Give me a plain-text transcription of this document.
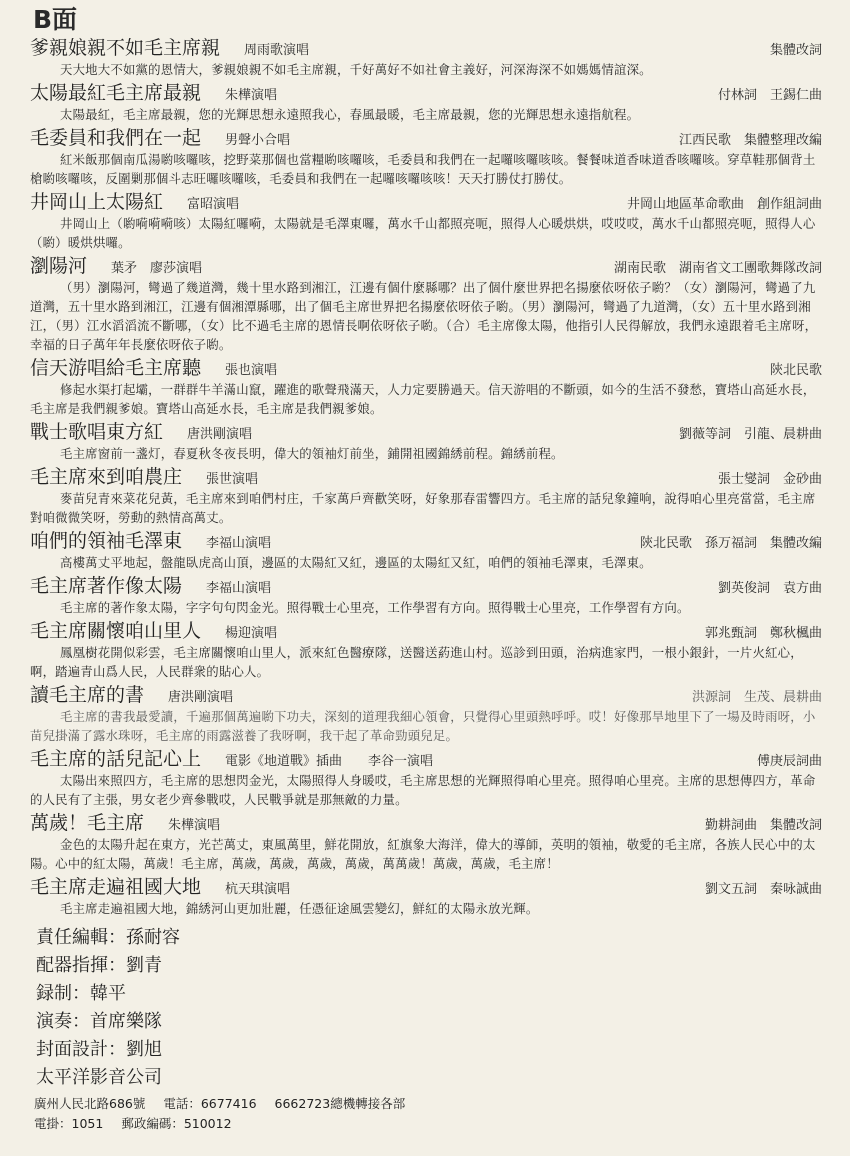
B面
爹親娘親不如毛主席親 周雨歌演唱	集體改詞
天大地大不如黨的恩情大，爹親娘親不如毛主席親，千好萬好不如社會主義好，河深海深不如媽媽情誼深。
太陽最紅毛主席最親 朱樺演唱	付林詞　王錫仁曲
太陽最紅，毛主席最親，您的光輝思想永遠照我心，春風最暖，毛主席最親，您的光輝思想永遠指航程。
毛委員和我們在一起 男聲小合唱	江西民歌　集體整理改編
紅米飯那個南瓜湯喲咳囉咳，挖野菜那個也當糧喲咳囉咳，毛委員和我們在一起囉咳囉咳咳。餐餐味道香味道香咳囉咳。穿草鞋那個背土槍喲咳囉咳，反圍剿那個斗志旺囉咳囉咳，毛委員和我們在一起囉咳囉咳咳！天天打勝仗打勝仗。
井岡山上太陽紅 富昭演唱	井岡山地區革命歌曲　創作組詞曲
井岡山上（喲嗬嗬嗬咳）太陽紅囉嗬，太陽就是毛澤東囉，萬水千山都照亮呃，照得人心暖烘烘，哎哎哎，萬水千山都照亮呃，照得人心（喲）暖烘烘囉。
瀏陽河 葉矛　廖莎演唱	湖南民歌　湖南省文工團歌舞隊改詞
（男）瀏陽河，彎過了幾道灣，幾十里水路到湘江，江邊有個什麼縣哪？出了個什麼世界把名揚麼依呀依子喲？（女）瀏陽河，彎過了九道灣，五十里水路到湘江，江邊有個湘潭縣哪，出了個毛主席世界把名揚麼依呀依子喲。（男）瀏陽河，彎過了九道灣，（女）五十里水路到湘江，（男）江水滔滔流不斷哪，（女）比不過毛主席的恩情長啊依呀依子喲。（合）毛主席像太陽，他指引人民得解放，我們永遠跟着毛主席呀，幸福的日子萬年年長麼依呀依子喲。
信天游唱給毛主席聽 張也演唱	陝北民歌
修起水渠打起壩，一群群牛羊滿山竄，躍進的歌聲飛滿天，人力定要勝過天。信天游唱的不斷頭，如今的生活不發愁，寶塔山高延水長，毛主席是我們親爹娘。寶塔山高延水長，毛主席是我們親爹娘。
戰士歌唱東方紅 唐洪剛演唱	劉薇等詞　引龍、晨耕曲
毛主席窗前一盞灯，春夏秋冬夜長明，偉大的領袖灯前坐，鋪開祖國錦綉前程。錦綉前程。
毛主席來到咱農庄 張世演唱	張士燮詞　金砂曲
麥苗兒青來菜花兒黃，毛主席來到咱們村庄，千家萬戶齊歡笑呀，好象那春雷響四方。毛主席的話兒象鐘响，說得咱心里亮當當，毛主席對咱微微笑呀，勞動的熱情高萬丈。
咱們的領袖毛澤東 李福山演唱	陝北民歌　孫万福詞　集體改編
高樓萬丈平地起，盤龍臥虎高山頂，邊區的太陽紅又紅，邊區的太陽紅又紅，咱們的領袖毛澤東，毛澤東。
毛主席著作像太陽 李福山演唱	劉英俊詞　袁方曲
毛主席的著作象太陽，字字句句閃金光。照得戰士心里亮，工作學習有方向。照得戰士心里亮，工作學習有方向。
毛主席關懷咱山里人 楊迎演唱	郭兆甄詞　鄭秋楓曲
鳳凰樹花開似彩雲，毛主席關懷咱山里人，派來紅色醫療隊，送醫送葯進山村。巡診到田頭，治病進家門，一根小銀針，一片火紅心，啊，踏遍青山爲人民，人民群衆的貼心人。
讀毛主席的書 唐洪剛演唱	洪源詞　生茂、晨耕曲
毛主席的書我最愛讀，千遍那個萬遍喲下功夫，深刻的道理我細心領會，只覺得心里頭熱呼呼。哎！好像那旱地里下了一場及時雨呀，小苗兒掛滿了露水珠呀，毛主席的雨露滋養了我呀啊，我干起了革命勁頭兒足。
毛主席的話兒記心上 電影《地道戰》插曲　　李谷一演唱	傅庚辰詞曲
太陽出來照四方，毛主席的思想閃金光，太陽照得人身暖哎，毛主席思想的光輝照得咱心里亮。照得咱心里亮。主席的思想傳四方，革命的人民有了主張，男女老少齊參戰哎，人民戰爭就是那無敵的力量。
萬歲！毛主席 朱樺演唱	勤耕詞曲　集體改詞
金色的太陽升起在東方，光芒萬丈，東風萬里，鮮花開放，紅旗象大海洋，偉大的導師，英明的領袖，敬愛的毛主席，各族人民心中的太陽。心中的紅太陽，萬歲！毛主席，萬歲，萬歲，萬歲，萬歲，萬萬歲！萬歲，萬歲，毛主席！
毛主席走遍祖國大地 杭天琪演唱	劉文五詞　秦咏誠曲
毛主席走遍祖國大地，錦綉河山更加壯麗，任憑征途風雲變幻，鮮紅的太陽永放光輝。
責任編輯：孫耐容
配器指揮：劉青
録制：韓平
演奏：首席樂隊
封面設計：劉旭
太平洋影音公司
廣州人民北路686號 電話：6677416 6662723總機轉接各部
電掛：1051 郵政編碼：510012
